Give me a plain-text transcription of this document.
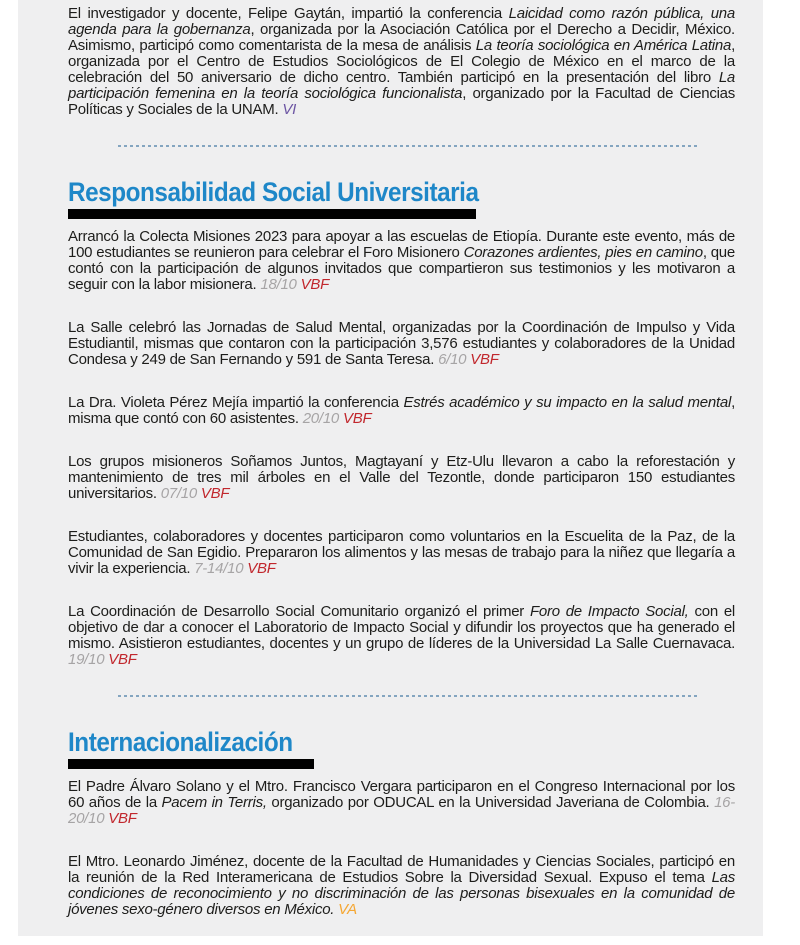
El investigador y docente, Felipe Gaytán, impartió la conferencia Laicidad como razón pública, una agenda para la gobernanza, organizada por la Asociación Católica por el Derecho a Decidir, México. Asimismo, participó como comentarista de la mesa de análisis La teoría sociológica en América Latina, organizada por el Centro de Estudios Sociológicos de El Colegio de México en el marco de la celebración del 50 aniversario de dicho centro. También participó en la presentación del libro La participación femenina en la teoría sociológica funcionalista, organizado por la Facultad de Ciencias Políticas y Sociales de la UNAM. VI

Responsabilidad Social Universitaria

Arrancó la Colecta Misiones 2023 para apoyar a las escuelas de Etiopía. Durante este evento, más de 100 estudiantes se reunieron para celebrar el Foro Misionero Corazones ardientes, pies en camino, que contó con la participación de algunos invitados que compartieron sus testimonios y les motivaron a seguir con la labor misionera. 18/10 VBF

La Salle celebró las Jornadas de Salud Mental, organizadas por la Coordinación de Impulso y Vida Estudiantil, mismas que contaron con la participación 3,576 estudiantes y colaboradores de la Unidad Condesa y 249 de San Fernando y 591 de Santa Teresa. 6/10 VBF

La Dra. Violeta Pérez Mejía impartió la conferencia Estrés académico y su impacto en la salud mental, misma que contó con 60 asistentes. 20/10 VBF

Los grupos misioneros Soñamos Juntos, Magtayaní y Etz-Ulu llevaron a cabo la reforestación y mantenimiento de tres mil árboles en el Valle del Tezontle, donde participaron 150 estudiantes universitarios. 07/10 VBF

Estudiantes, colaboradores y docentes participaron como voluntarios en la Escuelita de la Paz, de la Comunidad de San Egidio. Prepararon los alimentos y las mesas de trabajo para la niñez que llegaría a vivir la experiencia. 7-14/10 VBF

La Coordinación de Desarrollo Social Comunitario organizó el primer Foro de Impacto Social, con el objetivo de dar a conocer el Laboratorio de Impacto Social y difundir los proyectos que ha generado el mismo. Asistieron estudiantes, docentes y un grupo de líderes de la Universidad La Salle Cuernavaca. 19/10 VBF

Internacionalización

El Padre Álvaro Solano y el Mtro. Francisco Vergara participaron en el Congreso Internacional por los 60 años de la Pacem in Terris, organizado por ODUCAL en la Universidad Javeriana de Colombia. 16-20/10 VBF

El Mtro. Leonardo Jiménez, docente de la Facultad de Humanidades y Ciencias Sociales, participó en la reunión de la Red Interamericana de Estudios Sobre la Diversidad Sexual. Expuso el tema Las condiciones de reconocimiento y no discriminación de las personas bisexuales en la comunidad de jóvenes sexo-género diversos en México. VA
